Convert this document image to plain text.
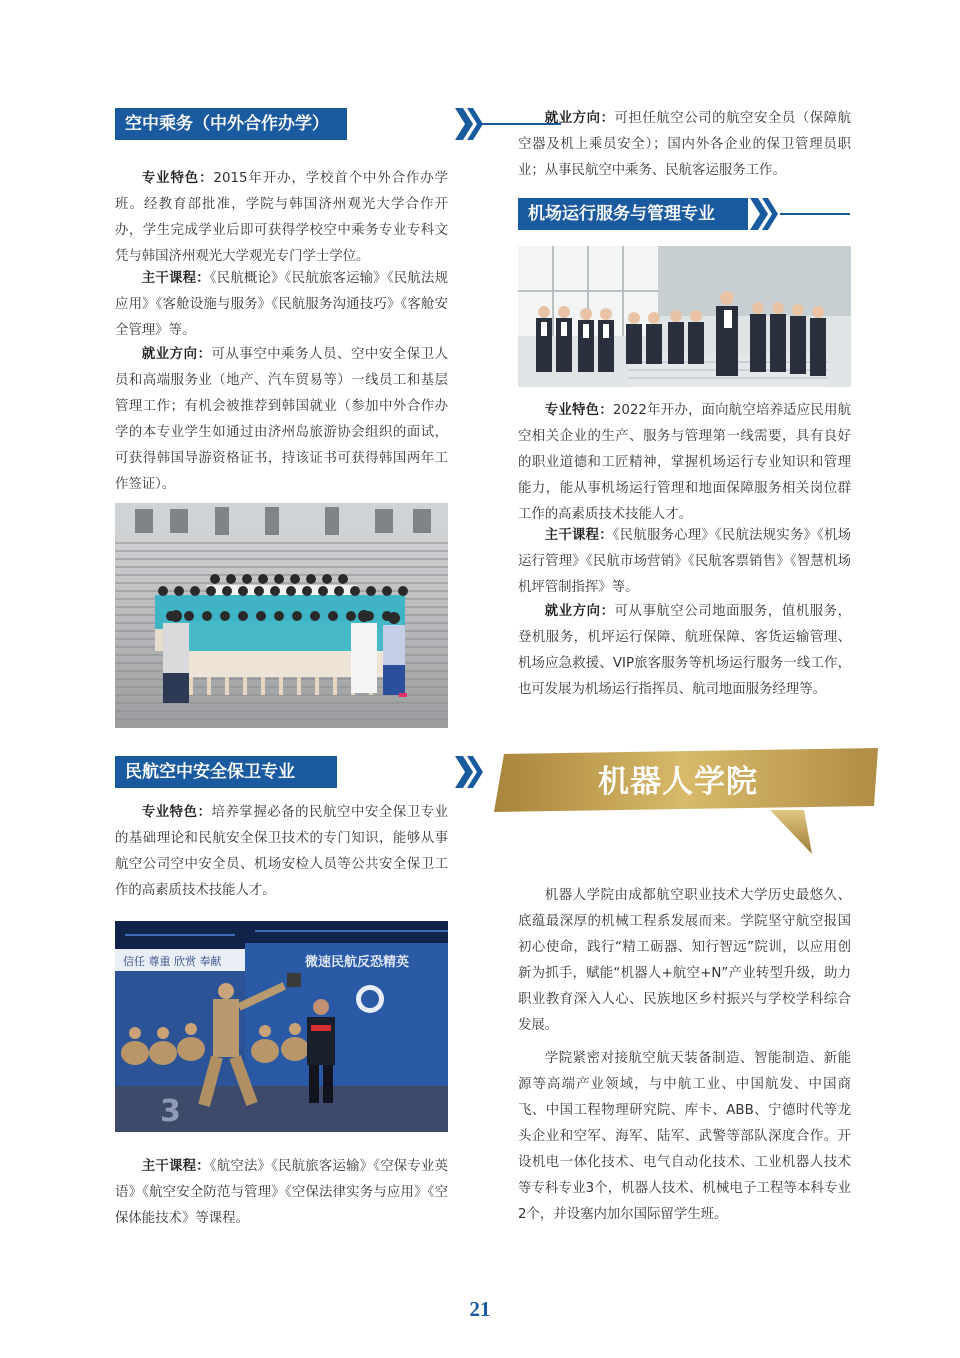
空中乘务（中外合作办学）	•
专业特色：2015年开办，学校首个中外合作办学班。经教育部批准，学院与韩国济州观光大学合作开办，学生完成学业后即可获得学校空中乘务专业专科文凭与韩国济州观光大学观光专门学士学位。
主干课程：《民航概论》《民航旅客运输》《民航法规应用》《客舱设施与服务》《民航服务沟通技巧》《客舱安全管理》等。
就业方向：可从事空中乘务人员、空中安全保卫人员和高端服务业（地产、汽车贸易等）一线员工和基层管理工作；有机会被推荐到韩国就业（参加中外合作办学的本专业学生如通过由济州岛旅游协会组织的面试，可获得韩国导游资格证书，持该证书可获得韩国两年工作签证）。
民航空中安全保卫专业	•
专业特色：培养掌握必备的民航空中安全保卫专业的基础理论和民航安全保卫技术的专门知识，能够从事航空公司空中安全员、机场安检人员等公共安全保卫工作的高素质技术技能人才。
信任 尊重 欣赏 奉献	微速民航反恐精英
3
主干课程：《航空法》《民航旅客运输》《空保专业英语》《航空安全防范与管理》《空保法律实务与应用》《空保体能技术》等课程。
就业方向：可担任航空公司的航空安全员（保障航空器及机上乘员安全）；国内外各企业的保卫管理员职业；从事民航空中乘务、民航客运服务工作。
机场运行服务与管理专业
专业特色：2022年开办，面向航空培养适应民用航空相关企业的生产、服务与管理第一线需要，具有良好的职业道德和工匠精神，掌握机场运行专业知识和管理能力，能从事机场运行管理和地面保障服务相关岗位群工作的高素质技术技能人才。
主干课程：《民航服务心理》《民航法规实务》《机场运行管理》《民航市场营销》《民航客票销售》《智慧机场机坪管制指挥》等。
就业方向：可从事航空公司地面服务，值机服务，登机服务，机坪运行保障、航班保障、客货运输管理、机场应急救援、VIP旅客服务等机场运行服务一线工作，也可发展为机场运行指挥员、航司地面服务经理等。
机器人学院
机器人学院由成都航空职业技术大学历史最悠久、底蕴最深厚的机械工程系发展而来。学院坚守航空报国初心使命，践行“精工砺器、知行智远”院训，以应用创新为抓手，赋能“机器人+航空+N”产业转型升级，助力职业教育深入人心、民族地区乡村振兴与学校学科综合发展。
学院紧密对接航空航天装备制造、智能制造、新能源等高端产业领域，与中航工业、中国航发、中国商飞、中国工程物理研究院、库卡、ABB、宁德时代等龙头企业和空军、海军、陆军、武警等部队深度合作。开设机电一体化技术、电气自动化技术、工业机器人技术等专科专业3个，机器人技术、机械电子工程等本科专业2个，并设塞内加尔国际留学生班。
21
